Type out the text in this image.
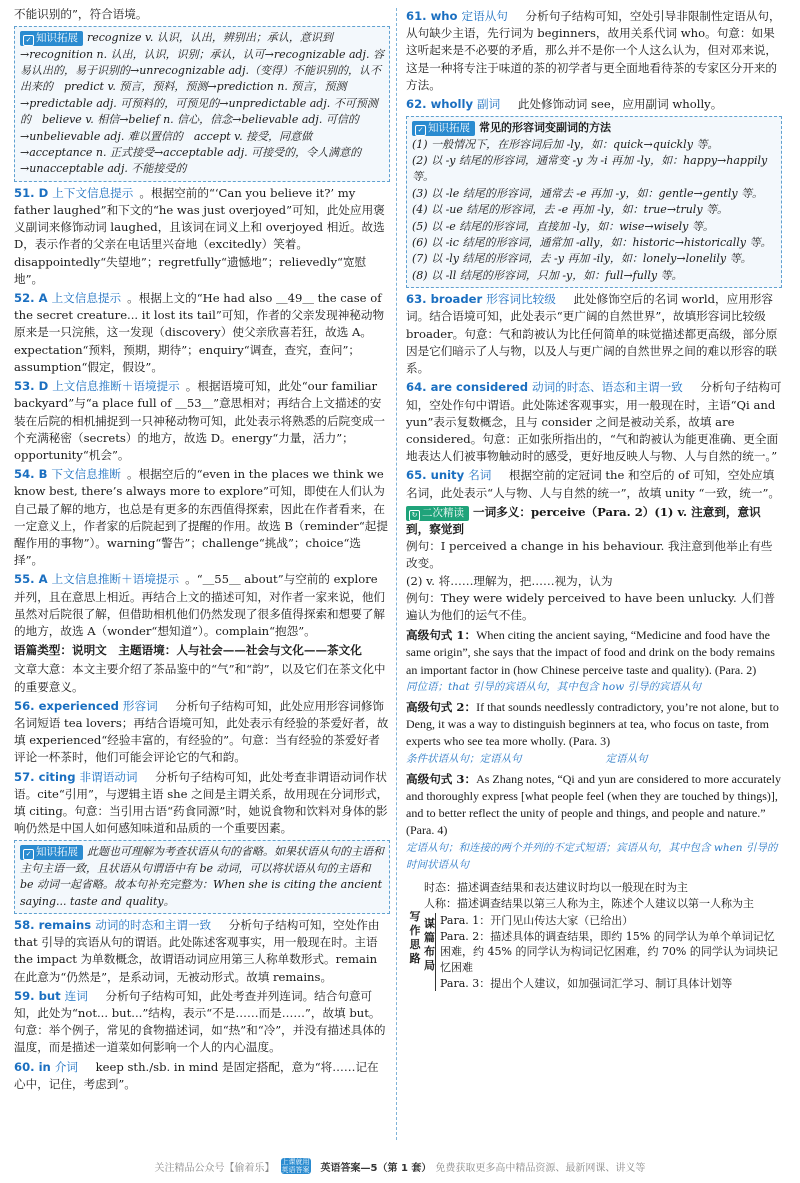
不能识别的”，符合语境。

✓ 知识拓展 recognize v. 认识，认出，辨别出；承认，意识到→recognition n. 认出，认识，识别；承认，认可→recognizable adj. 容易认出的，易于识别的→unrecognizable adj.（变得）不能识别的，认不出来的　predict v. 预言，预料，预测→prediction n. 预言，预测→predictable adj. 可预料的，可预见的→unpredictable adj. 不可预测的　believe v. 相信→belief n. 信心，信念→believable adj. 可信的→unbelievable adj. 难以置信的　accept v. 接受，同意做→acceptance n. 正式接受→acceptable adj. 可接受的，令人满意的→unacceptable adj. 不能接受的

51. D 上下文信息提示 。根据空前的“‘Can you believe it?’ my father laughed”和下文的“he was just overjoyed”可知，此处应用褒义副词来修饰动词 laughed，且该词在词义上和 overjoyed 相近。故选 D，表示作者的父亲在电话里兴奋地（excitedly）笑着。disappointedly“失望地”；regretfully“遗憾地”；relievedly“宽慰地”。

52. A 上文信息提示 。根据上文的“He had also ＿49＿ the case of the secret creature... it lost its tail”可知，作者的父亲发现神秘动物原来是一只浣熊，这一发现（discovery）使父亲欣喜若狂，故选 A。expectation“预料，预期，期待”；enquiry“调查，查究，查问”；assumption“假定，假设”。

53. D 上文信息推断＋语境提示 。根据语境可知，此处“our familiar backyard”与“a place full of ＿53＿”意思相对；再结合上文描述的安装在后院的相机捕捉到一只神秘动物可知，此处表示将熟悉的后院变成一个充满秘密（secrets）的地方，故选 D。energy“力量，活力”；opportunity“机会”。

54. B 下文信息推断 。根据空后的“even in the places we think we know best, there’s always more to explore”可知，即使在人们认为自己最了解的地方，也总是有更多的东西值得探索，因此在作者看来，在一定意义上，作者家的后院起到了提醒的作用。故选 B（reminder“起提醒作用的事物”）。warning“警告”；challenge“挑战”；choice“选择”。

55. A 上文信息推断＋语境提示 。“＿55＿ about”与空前的 explore 并列，且在意思上相近。再结合上文的描述可知，对作者一家来说，他们虽然对后院很了解，但借助相机他们仍然发现了很多值得探索和想要了解的地方，故选 A（wonder“想知道”）。complain“抱怨”。

语篇类型：说明文　主题语境：人与社会——社会与文化——茶文化

文章大意：本文主要介绍了茶品鉴中的“气”和“韵”，以及它们在茶文化中的重要意义。

56. experienced 形容词　分析句子结构可知，此处应用形容词修饰名词短语 tea lovers；再结合语境可知，此处表示有经验的茶爱好者，故填 experienced“经验丰富的，有经验的”。句意：当有经验的茶爱好者评论一杯茶时，他们可能会评论它的气和韵。

57. citing 非谓语动词　分析句子结构可知，此处考查非谓语动词作状语。cite“引用”，与逻辑主语 she 之间是主谓关系，故用现在分词形式，填 citing。句意：当引用古语“药食同源”时，她说食物和饮料对身体的影响仍然是中国人如何感知味道和品质的一个重要因素。

✓ 知识拓展 此题也可理解为考查状语从句的省略。如果状语从句的主语和主句主语一致，且状语从句谓语中有 be 动词，可以将状语从句的主语和 be 动词一起省略。故本句补充完整为：When she is citing the ancient saying... taste and quality。

58. remains 动词的时态和主谓一致　分析句子结构可知，空处作由 that 引导的宾语从句的谓语。此处陈述客观事实，用一般现在时。主语 the impact 为单数概念，故谓语动词应用第三人称单数形式。remain 在此意为“仍然是”，是系动词，无被动形式。故填 remains。

59. but 连词　分析句子结构可知，此处考查并列连词。结合句意可知，此处为“not... but...”结构，表示“不是……而是……”，故填 but。句意：举个例子，常见的食物描述词，如“热”和“冷”，并没有描述具体的温度，而是描述一道菜如何影响一个人的内心温度。

60. in 介词　keep sth./sb. in mind 是固定搭配，意为“将……记在心中，记住，考虑到”。

61. who 定语从句　分析句子结构可知，空处引导非限制性定语从句，从句缺少主语，先行词为 beginners，故用关系代词 who。句意：如果这听起来是不必要的矛盾，那么并不是你一个人这么认为，但对邓来说，这是一种将专注于味道的茶的初学者与更全面地看待茶的专家区分开来的方法。

62. wholly 副词　此处修饰动词 see，应用副词 wholly。

✓ 知识拓展 常见的形容词变副词的方法
(1) 一般情况下，在形容词后加 -ly，如：quick→quickly 等。
(2) 以 -y 结尾的形容词，通常变 -y 为 -i 再加 -ly，如：happy→happily 等。
(3) 以 -le 结尾的形容词，通常去 -e 再加 -y，如：gentle→gently 等。
(4) 以 -ue 结尾的形容词，去 -e 再加 -ly，如：true→truly 等。
(5) 以 -e 结尾的形容词，直接加 -ly，如：wise→wisely 等。
(6) 以 -ic 结尾的形容词，通常加 -ally，如：historic→historically 等。
(7) 以 -ly 结尾的形容词，去 -y 再加 -ily，如：lonely→lonelily 等。
(8) 以 -ll 结尾的形容词，只加 -y，如：full→fully 等。

63. broader 形容词比较级　此处修饰空后的名词 world，应用形容词。结合语境可知，此处表示“更广阔的自然世界”，故填形容词比较级 broader。句意：气和韵被认为比任何简单的味觉描述都更高级，部分原因是它们暗示了人与物，以及人与更广阔的自然世界之间的难以形容的联系。

64. are considered 动词的时态、语态和主谓一致　分析句子结构可知，空处作句中谓语。此处陈述客观事实，用一般现在时，主语“Qi and yun”表示复数概念，且与 consider 之间是被动关系，故填 are considered。句意：正如张所指出的，“气和韵被认为能更准确、更全面地表达人们被事物触动时的感受，更好地反映人与物、人与自然的统一。”

65. unity 名词　根据空前的定冠词 the 和空后的 of 可知，空处应填名词，此处表示“人与物、人与自然的统一”，故填 unity “一致，统一”。

↻ 二次精读 一词多义：perceive（Para. 2）(1) v. 注意到，意识到，察觉到

例句：I perceived a change in his behaviour. 我注意到他举止有些改变。

(2) v. 将……理解为，把……视为，认为

例句：They were widely perceived to have been unlucky. 人们普遍认为他们的运气不佳。

高级句式 1：When citing the ancient saying, “Medicine and food have the same origin”, she says that the impact of food and drink on the body remains an important factor in (how Chinese perceive taste and quality). (Para. 2)
同位语；that 引导的宾语从句，其中包含 how 引导的宾语从句
高级句式 2：If that sounds needlessly contradictory, you’re not alone, but to Deng, it was a way to distinguish beginners at tea, who focus on taste, from experts who see tea more wholly. (Para. 3)
条件状语从句；定语从句　　　　　　　　定语从句
高级句式 3：As Zhang notes, “Qi and yun are considered to more accurately and thoroughly express [what people feel (when they are touched by things)], and to better reflect the unity of people and things, and people and nature.” (Para. 4)
定语从句；和连接的两个并列的不定式短语；宾语从句，其中包含 when 引导的时间状语从句
写作思路
时态：描述调查结果和表达建议时均以一般现在时为主
人称：描述调查结果以第三人称为主，陈述个人建议以第一人称为主
谋篇布局
Para. 1：开门见山传达大家（已给出）
Para. 2：描述具体的调查结果，即约 15% 的同学认为单个单词记忆困难，约 45% 的同学认为构词记忆困难，约 70% 的同学认为词块记忆困难
Para. 3：提出个人建议，如加强词汇学习、制订具体计划等
关注精品公众号【偷着乐】
上课就用 英语答案 英语答案—5（第 1 套） 免费获取更多高中精品资源、最新网课、讲义等
